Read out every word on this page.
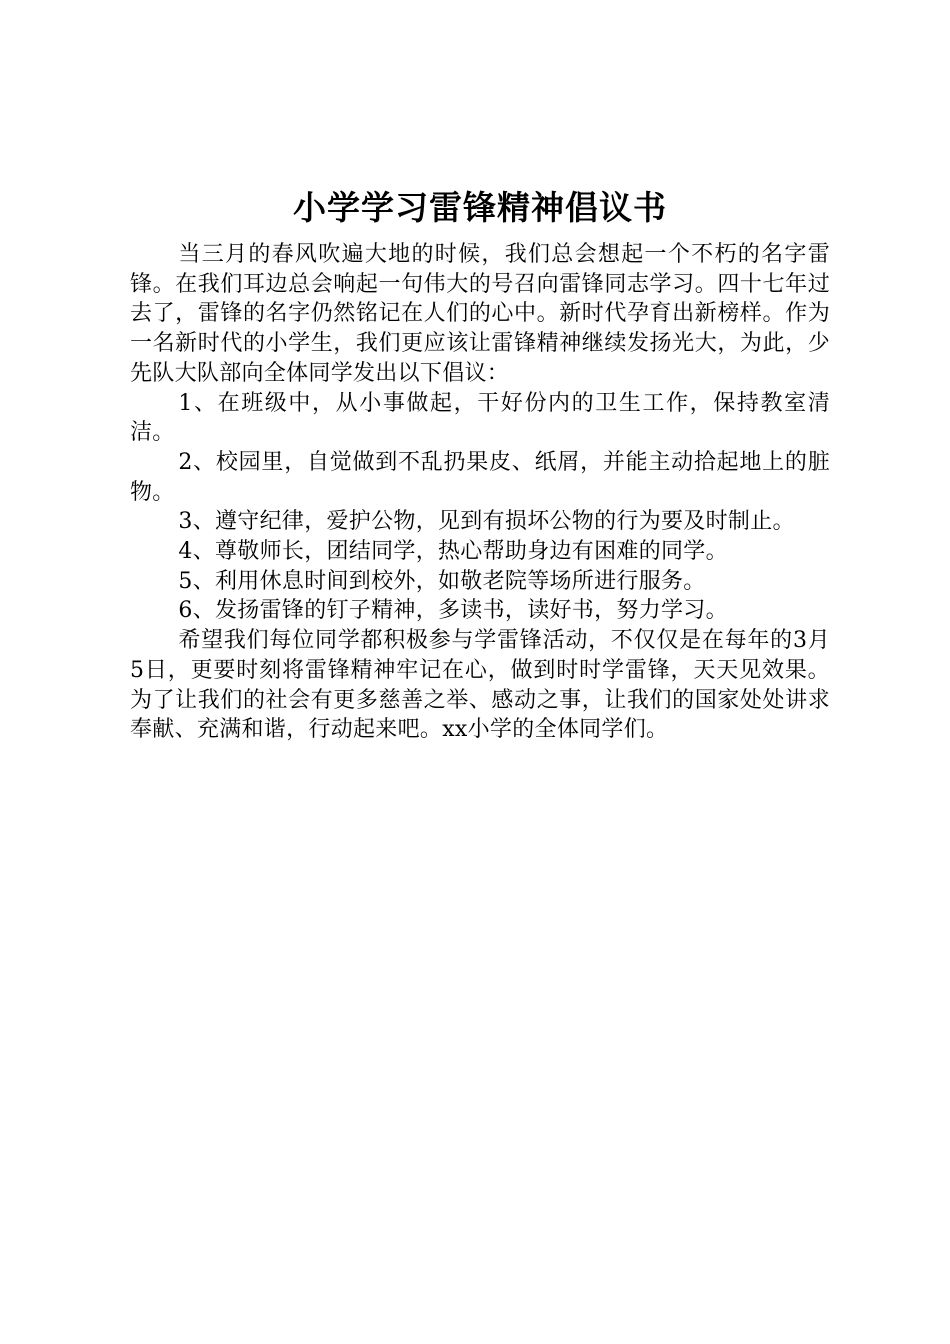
小学学习雷锋精神倡议书

当三月的春风吹遍大地的时候，我们总会想起一个不朽的名字雷锋。在我们耳边总会响起一句伟大的号召向雷锋同志学习。四十七年过去了，雷锋的名字仍然铭记在人们的心中。新时代孕育出新榜样。作为一名新时代的小学生，我们更应该让雷锋精神继续发扬光大，为此，少先队大队部向全体同学发出以下倡议：

1、在班级中，从小事做起，干好份内的卫生工作，保持教室清洁。

2、校园里，自觉做到不乱扔果皮、纸屑，并能主动拾起地上的脏物。

3、遵守纪律，爱护公物，见到有损坏公物的行为要及时制止。

4、尊敬师长，团结同学，热心帮助身边有困难的同学。

5、利用休息时间到校外，如敬老院等场所进行服务。

6、发扬雷锋的钉子精神，多读书，读好书，努力学习。

希望我们每位同学都积极参与学雷锋活动，不仅仅是在每年的3月5日，更要时刻将雷锋精神牢记在心，做到时时学雷锋，天天见效果。为了让我们的社会有更多慈善之举、感动之事，让我们的国家处处讲求奉献、充满和谐，行动起来吧。xx小学的全体同学们。
